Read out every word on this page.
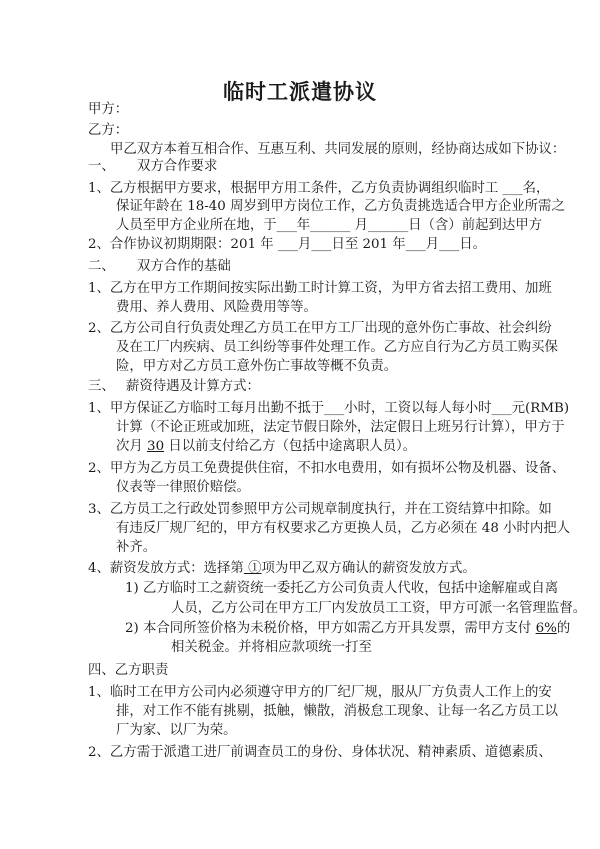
临时工派遣协议
甲方：
乙方：
甲乙双方本着互相合作、互惠互利、共同发展的原则，经协商达成如下协议：
一、 双方合作要求
1、乙方根据甲方要求，根据甲方用工条件，乙方负责协调组织临时工 ___名，
保证年龄在 18-40 周岁到甲方岗位工作，乙方负责挑选适合甲方企业所需之
人员至甲方企业所在地，于___年______ 月______日（含）前起到达甲方
2、合作协议初期期限：201 年 ___月___日至 201 年___月___日。
二、 双方合作的基础
1、乙方在甲方工作期间按实际出勤工时计算工资，为甲方省去招工费用、加班
费用、养人费用、风险费用等等。
2、乙方公司自行负责处理乙方员工在甲方工厂出现的意外伤亡事故、社会纠纷
及在工厂内疾病、员工纠纷等事件处理工作。乙方应自行为乙方员工购买保
险，甲方对乙方员工意外伤亡事故等概不负责。
三、 薪资待遇及计算方式：
1、甲方保证乙方临时工每月出勤不抵于___小时，工资以每人每小时___元(RMB)
计算（不论正班或加班，法定节假日除外，法定假日上班另行计算），甲方于
次月 30 日以前支付给乙方（包括中途离职人员）。
2、甲方为乙方员工免费提供住宿，不扣水电费用，如有损坏公物及机器、设备、
仪表等一律照价赔偿。
3、乙方员工之行政处罚参照甲方公司规章制度执行，并在工资结算中扣除。如
有违反厂规厂纪的，甲方有权要求乙方更换人员，乙方必须在 48 小时内把人
补齐。
4、薪资发放方式：选择第 ①项为甲乙双方确认的薪资发放方式。
1) 乙方临时工之薪资统一委托乙方公司负责人代收，包括中途解雇或自离
人员，乙方公司在甲方工厂内发放员工工资，甲方可派一名管理监督。
2) 本合同所签价格为未税价格，甲方如需乙方开具发票，需甲方支付 6%的
相关税金。并将相应款项统一打至
四、乙方职责
1、临时工在甲方公司内必须遵守甲方的厂纪厂规，服从厂方负责人工作上的安
排，对工作不能有挑剔，抵触，懒散，消极怠工现象、让每一名乙方员工以
厂为家、以厂为荣。
2、乙方需于派遣工进厂前调查员工的身份、身体状况、精神素质、道德素质、
